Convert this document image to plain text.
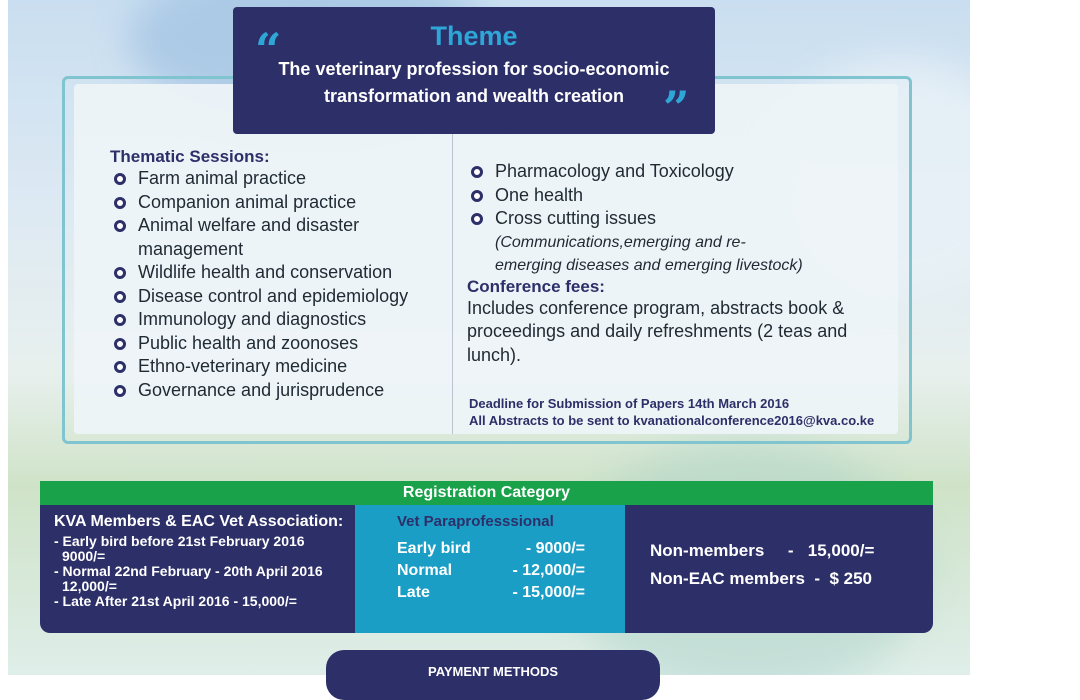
“
”
Theme
The veterinary profession for socio-economic
transformation and wealth creation
Thematic Sessions:
Farm animal practice
Companion animal practice
Animal welfare and disaster management
Wildlife health and conservation
Disease control and epidemiology
Immunology and diagnostics
Public health and zoonoses
Ethno-veterinary medicine
Governance and jurisprudence
Pharmacology and Toxicology
One health
Cross cutting issues
(Communications,emerging and re-
emerging diseases and emerging livestock)
Conference fees:
Includes conference program, abstracts book & proceedings and daily refreshments (2 teas and lunch).
Deadline for Submission of Papers 14th March 2016
All Abstracts to be sent to kvanationalconference2016@kva.co.ke
Registration Category
KVA Members & EAC Vet Association:
- Early bird before 21st February 2016
9000/=
- Normal 22nd February - 20th April 2016
12,000/=
- Late After 21st April 2016 - 15,000/=
Vet Paraprofesssional
Early bird	- 9000/=
Normal	- 12,000/=
Late	- 15,000/=
Non-members     -   15,000/=
Non-EAC members  -  $ 250
PAYMENT METHODS
